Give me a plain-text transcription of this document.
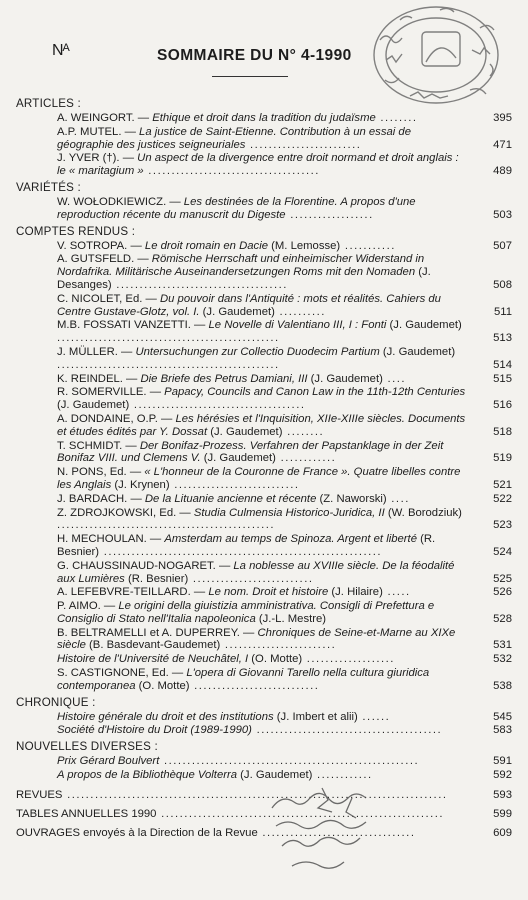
Nᴬ	SOMMAIRE DU N° 4-1990
ARTICLES :
A. WEINGORT. — Ethique et droit dans la tradition du judaïsme ........	395
A.P. MUTEL. — La justice de Saint-Etienne. Contribution à un essai de géographie des justices seigneuriales ........................	471
J. YVER (†). — Un aspect de la divergence entre droit normand et droit anglais : le « maritagium » .....................................	489
VARIÉTÉS :
W. WOŁODKIEWICZ. — Les destinées de la Florentine. A propos d'une reproduction récente du manuscrit du Digeste ..................	503
COMPTES RENDUS :
V. SOTROPA. — Le droit romain en Dacie (M. Lemosse) ...........	507
A. GUTSFELD. — Römische Herrschaft und einheimischer Widerstand in Nordafrika. Militärische Auseinandersetzungen Roms mit den Nomaden (J. Desanges) .....................................	508
C. NICOLET, Ed. — Du pouvoir dans l'Antiquité : mots et réalités. Cahiers du Centre Gustave-Glotz, vol. I. (J. Gaudemet) ..........	511
M.B. FOSSATI VANZETTI. — Le Novelle di Valentiano III, I : Fonti (J. Gaudemet) ................................................	513
J. MÜLLER. — Untersuchungen zur Collectio Duodecim Partium (J. Gaudemet) ................................................	514
K. REINDEL. — Die Briefe des Petrus Damiani, III (J. Gaudemet) ....	515
R. SOMERVILLE. — Papacy, Councils and Canon Law in the 11th-12th Centuries (J. Gaudemet) .....................................	516
A. DONDAINE, O.P. — Les hérésies et l'Inquisition, XIIe-XIIIe siècles. Documents et études édités par Y. Dossat (J. Gaudemet) ........	518
T. SCHMIDT. — Der Bonifaz-Prozess. Verfahren der Papstanklage in der Zeit Bonifaz VIII. und Clemens V. (J. Gaudemet) ............	519
N. PONS, Ed. — « L'honneur de la Couronne de France ». Quatre libelles contre les Anglais (J. Krynen) ...........................	521
J. BARDACH. — De la Lituanie ancienne et récente (Z. Naworski) ....	522
Z. ZDROJKOWSKI, Ed. — Studia Culmensia Historico-Juridica, II (W. Borodziuk) ...............................................	523
H. MECHOULAN. — Amsterdam au temps de Spinoza. Argent et liberté (R. Besnier) ............................................................	524
G. CHAUSSINAUD-NOGARET. — La noblesse au XVIIIe siècle. De la féodalité aux Lumières (R. Besnier) ..........................	525
A. LEFEBVRE-TEILLARD. — Le nom. Droit et histoire (J. Hilaire) .....	526
P. AIMO. — Le origini della giuistizia amministrativa. Consigli di Prefettura e Consiglio di Stato nell'Italia napoleonica (J.-L. Mestre)	528
B. BELTRAMELLI et A. DUPERREY. — Chroniques de Seine-et-Marne au XIXe siècle (B. Basdevant-Gaudemet) ........................	531
Histoire de l'Université de Neuchâtel, I (O. Motte) ...................	532
S. CASTIGNONE, Ed. — L'opera di Giovanni Tarello nella cultura giuridica contemporanea (O. Motte) ...........................	538
CHRONIQUE :
Histoire générale du droit et des institutions (J. Imbert et alii) ......	545
Société d'Histoire du Droit (1989-1990) ........................................	583
NOUVELLES DIVERSES :
Prix Gérard Boulvert .......................................................	591
A propos de la Bibliothèque Volterra (J. Gaudemet) ............	592
REVUES ..................................................................................	593
TABLES ANNUELLES 1990 .............................................................	599
OUVRAGES envoyés à la Direction de la Revue .................................	609
